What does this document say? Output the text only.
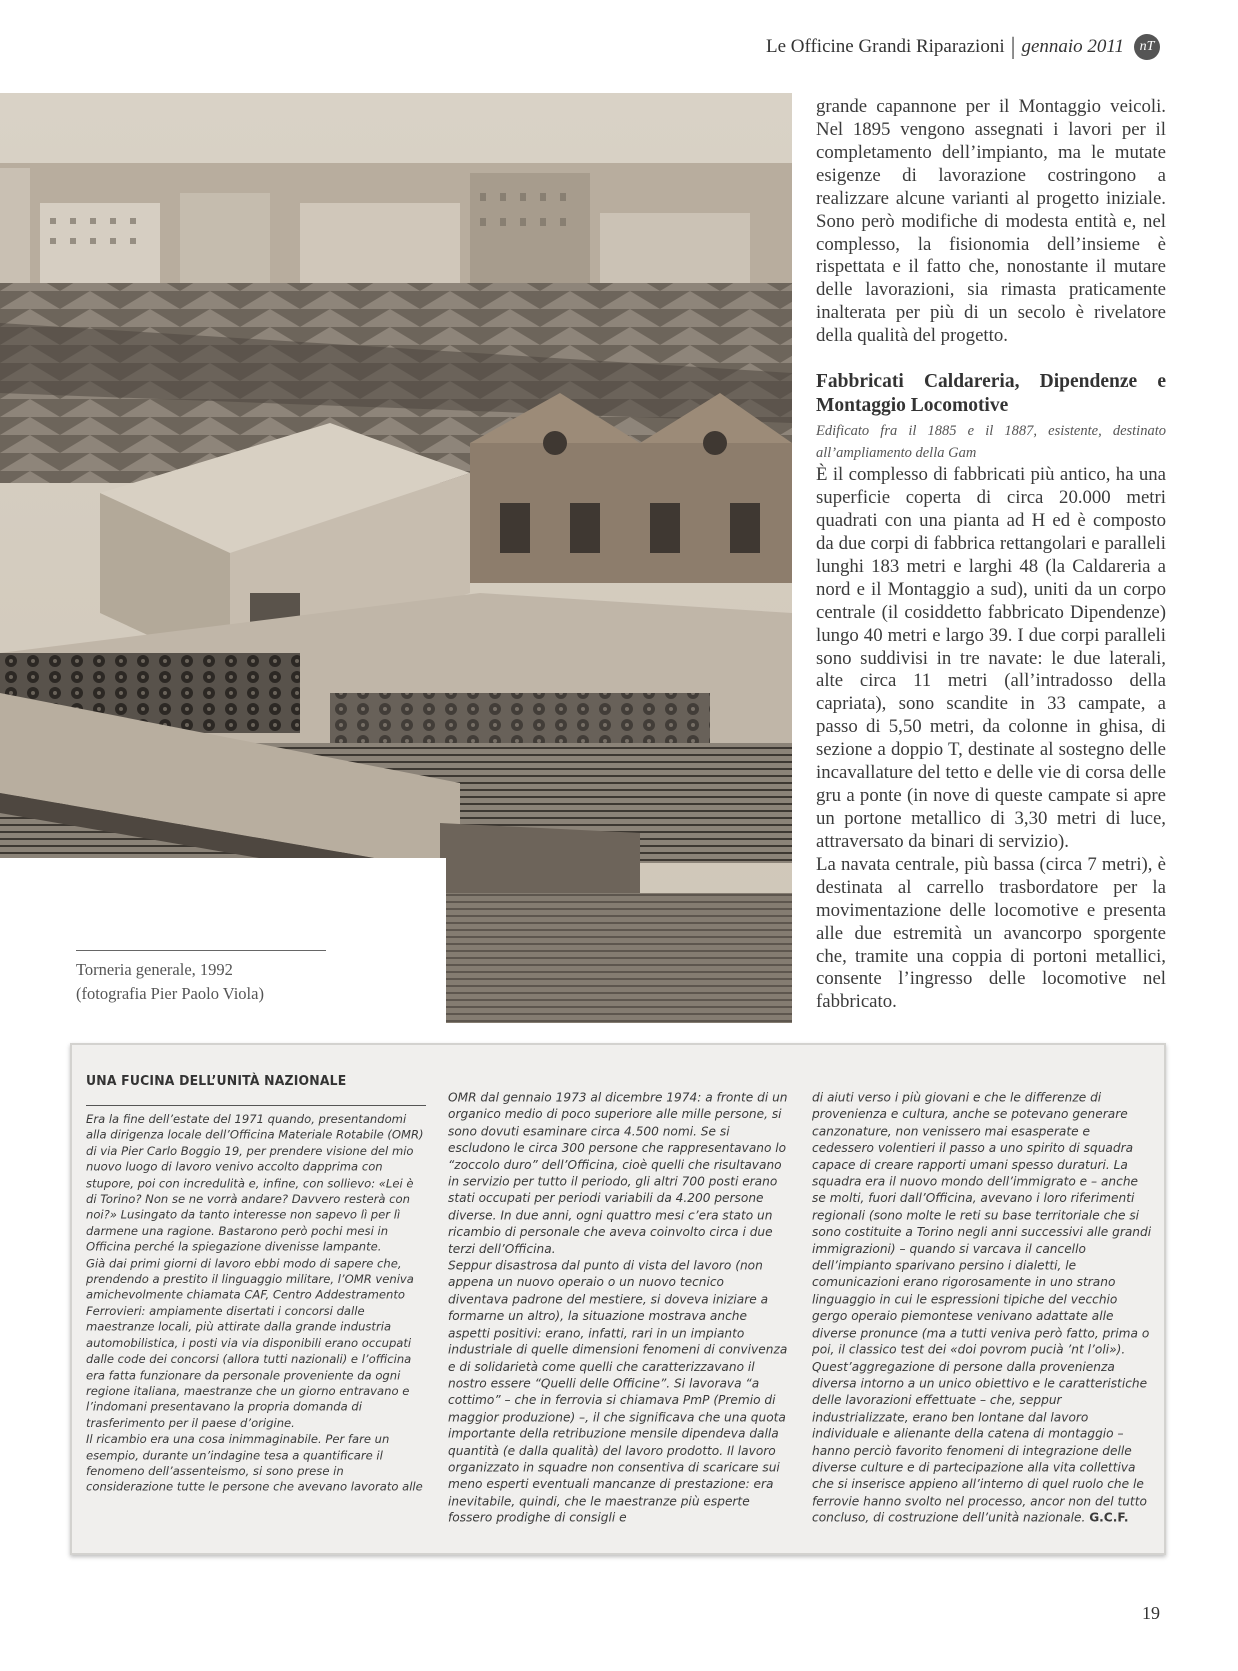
Le Officine Grandi Riparazioni | gennaio 2011	nT
Torneria generale, 1992
(fotografia Pier Paolo Viola)

grande capannone per il Montaggio veicoli. Nel 1895 vengono assegnati i lavori per il completamento dell’impianto, ma le mutate esigenze di lavorazione costringono a realizzare alcune varianti al progetto iniziale. Sono però modifiche di modesta entità e, nel complesso, la fisionomia dell’insieme è rispettata e il fatto che, nonostante il mutare delle lavorazioni, sia rimasta praticamente inalterata per più di un secolo è rivelatore della qualità del progetto.

Fabbricati Caldareria, Dipendenze e Montaggio Locomotive

Edificato fra il 1885 e il 1887, esistente, destinato all’ampliamento della Gam

È il complesso di fabbricati più antico, ha una superficie coperta di circa 20.000 metri quadrati con una pianta ad H ed è composto da due corpi di fabbrica rettangolari e paralleli lunghi 183 metri e larghi 48 (la Caldareria a nord e il Montaggio a sud), uniti da un corpo centrale (il cosiddetto fabbricato Dipendenze) lungo 40 metri e largo 39. I due corpi paralleli sono suddivisi in tre navate: le due laterali, alte circa 11 metri (all’intradosso della capriata), sono scandite in 33 campate, a passo di 5,50 metri, da colonne in ghisa, di sezione a doppio T, destinate al sostegno delle incavallature del tetto e delle vie di corsa delle gru a ponte (in nove di queste campate si apre un portone metallico di 3,30 metri di luce, attraversato da binari di servizio).

La navata centrale, più bassa (circa 7 metri), è destinata al carrello trasbordatore per la movimentazione delle locomotive e presenta alle due estremità un avancorpo sporgente che, tramite una coppia di portoni metallici, consente l’ingresso delle locomotive nel fabbricato.

UNA FUCINA DELL’UNITÀ NAZIONALE

Era la fine dell’estate del 1971 quando, presentandomi alla dirigenza locale dell’Officina Materiale Rotabile (OMR) di via Pier Carlo Boggio 19, per prendere visione del mio nuovo luogo di lavoro venivo accolto dapprima con stupore, poi con incredulità e, infine, con sollievo: «Lei è di Torino? Non se ne vorrà andare? Davvero resterà con noi?» Lusingato da tanto interesse non sapevo lì per lì darmene una ragione. Bastarono però pochi mesi in Officina perché la spiegazione divenisse lampante.

Già dai primi giorni di lavoro ebbi modo di sapere che, prendendo a prestito il linguaggio militare, l’OMR veniva amichevolmente chiamata CAF, Centro Addestramento Ferrovieri: ampiamente disertati i concorsi dalle maestranze locali, più attirate dalla grande industria automobilistica, i posti via via disponibili erano occupati dalle code dei concorsi (allora tutti nazionali) e l’officina era fatta funzionare da personale proveniente da ogni regione italiana, maestranze che un giorno entravano e l’indomani presentavano la propria domanda di trasferimento per il paese d’origine.

Il ricambio era una cosa inimmaginabile. Per fare un esempio, durante un’indagine tesa a quantificare il fenomeno dell’assenteismo, si sono prese in considerazione tutte le persone che avevano lavorato alle

OMR dal gennaio 1973 al dicembre 1974: a fronte di un organico medio di poco superiore alle mille persone, si sono dovuti esaminare circa 4.500 nomi. Se si escludono le circa 300 persone che rappresentavano lo “zoccolo duro” dell’Officina, cioè quelli che risultavano in servizio per tutto il periodo, gli altri 700 posti erano stati occupati per periodi variabili da 4.200 persone diverse. In due anni, ogni quattro mesi c’era stato un ricambio di personale che aveva coinvolto circa i due terzi dell’Officina.

Seppur disastrosa dal punto di vista del lavoro (non appena un nuovo operaio o un nuovo tecnico diventava padrone del mestiere, si doveva iniziare a formarne un altro), la situazione mostrava anche aspetti positivi: erano, infatti, rari in un impianto industriale di quelle dimensioni fenomeni di convivenza e di solidarietà come quelli che caratterizzavano il nostro essere “Quelli delle Officine”. Si lavorava “a cottimo” – che in ferrovia si chiamava PmP (Premio di maggior produzione) –, il che significava che una quota importante della retribuzione mensile dipendeva dalla quantità (e dalla qualità) del lavoro prodotto. Il lavoro organizzato in squadre non consentiva di scaricare sui meno esperti eventuali mancanze di prestazione: era inevitabile, quindi, che le maestranze più esperte fossero prodighe di consigli e

di aiuti verso i più giovani e che le differenze di provenienza e cultura, anche se potevano generare canzonature, non venissero mai esasperate e cedessero volentieri il passo a uno spirito di squadra capace di creare rapporti umani spesso duraturi. La squadra era il nuovo mondo dell’immigrato e – anche se molti, fuori dall’Officina, avevano i loro riferimenti regionali (sono molte le reti su base territoriale che si sono costituite a Torino negli anni successivi alle grandi immigrazioni) – quando si varcava il cancello dell’impianto sparivano persino i dialetti, le comunicazioni erano rigorosamente in uno strano linguaggio in cui le espressioni tipiche del vecchio gergo operaio piemontese venivano adattate alle diverse pronunce (ma a tutti veniva però fatto, prima o poi, il classico test dei «doi povrom pucià ’nt l’oli»).

Quest’aggregazione di persone dalla provenienza diversa intorno a un unico obiettivo e le caratteristiche delle lavorazioni effettuate – che, seppur industrializzate, erano ben lontane dal lavoro individuale e alienante della catena di montaggio – hanno perciò favorito fenomeni di integrazione delle diverse culture e di partecipazione alla vita collettiva che si inserisce appieno all’interno di quel ruolo che le ferrovie hanno svolto nel processo, ancor non del tutto concluso, di costruzione dell’unità nazionale. G.C.F.

19
